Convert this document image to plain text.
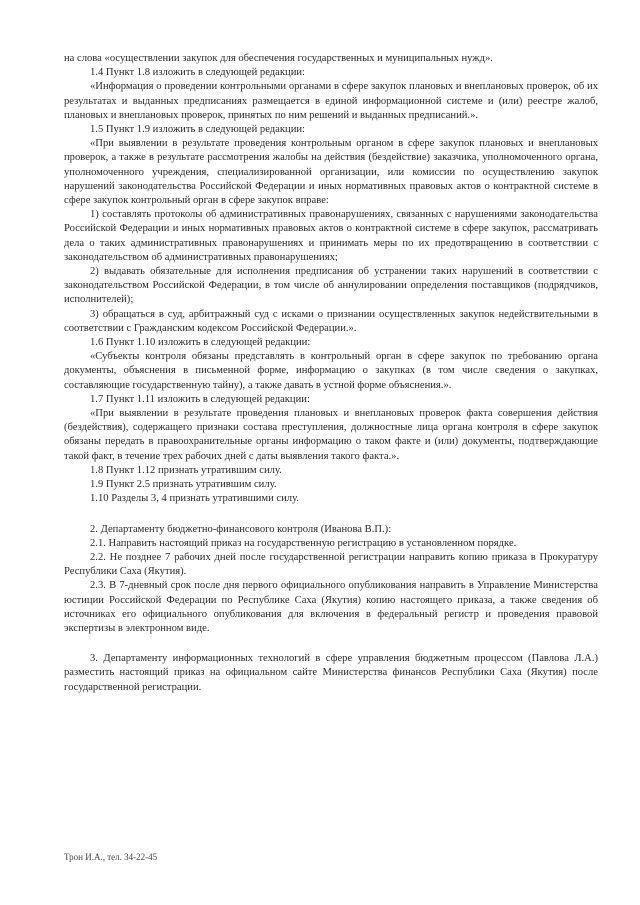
на слова «осуществлении закупок для обеспечения государственных и муниципальных нужд».

1.4 Пункт 1.8 изложить в следующей редакции:

«Информация о проведении контрольными органами в сфере закупок плановых и внеплановых проверок, об их результатах и выданных предписаниях размещается в единой информационной системе и (или) реестре жалоб, плановых и внеплановых проверок, принятых по ним решений и выданных предписаний.».

1.5 Пункт 1.9 изложить в следующей редакции:

«При выявлении в результате проведения контрольным органом в сфере закупок плановых и внеплановых проверок, а также в результате рассмотрения жалобы на действия (бездействие) заказчика, уполномоченного органа, уполномоченного учреждения, специализированной организации, или комиссии по осуществлению закупок нарушений законодательства Российской Федерации и иных нормативных правовых актов о контрактной системе в сфере закупок контрольный орган в сфере закупок вправе:

1) составлять протоколы об административных правонарушениях, связанных с нарушениями законодательства Российской Федерации и иных нормативных правовых актов о контрактной системе в сфере закупок, рассматривать дела о таких административных правонарушениях и принимать меры по их предотвращению в соответствии с законодательством об административных правонарушениях;

2) выдавать обязательные для исполнения предписания об устранении таких нарушений в соответствии с законодательством Российской Федерации, в том числе об аннулировании определения поставщиков (подрядчиков, исполнителей);

3) обращаться в суд, арбитражный суд с исками о признании осуществленных закупок недействительными в соответствии с Гражданским кодексом Российской Федерации.».

1.6 Пункт 1.10 изложить в следующей редакции:

«Субъекты контроля обязаны представлять в контрольный орган в сфере закупок по требованию органа документы, объяснения в письменной форме, информацию о закупках (в том числе сведения о закупках, составляющие государственную тайну), а также давать в устной форме объяснения.».

1.7 Пункт 1.11 изложить в следующей редакции:

«При выявлении в результате проведения плановых и внеплановых проверок факта совершения действия (бездействия), содержащего признаки состава преступления, должностные лица органа контроля в сфере закупок обязаны передать в правоохранительные органы информацию о таком факте и (или) документы, подтверждающие такой факт, в течение трех рабочих дней с даты выявления такого факта.».

1.8 Пункт 1.12 признать утратившим силу.

1.9 Пункт 2.5 признать утратившим силу.

1.10 Разделы 3, 4 признать утратившими силу.

2. Департаменту бюджетно-финансового контроля (Иванова В.П.):

2.1. Направить настоящий приказ на государственную регистрацию в установленном порядке.

2.2. Не позднее 7 рабочих дней после государственной регистрации направить копию приказа в Прокуратуру Республики Саха (Якутия).

2.3. В 7-дневный срок после дня первого официального опубликования направить в Управление Министерства юстиции Российской Федерации по Республике Саха (Якутия) копию настоящего приказа, а также сведения об источниках его официального опубликования для включения в федеральный регистр и проведения правовой экспертизы в электронном виде.

3. Департаменту информационных технологий в сфере управления бюджетным процессом (Павлова Л.А.) разместить настоящий приказ на официальном сайте Министерства финансов Республики Саха (Якутия) после государственной регистрации.

Трон И.А., тел. 34-22-45
